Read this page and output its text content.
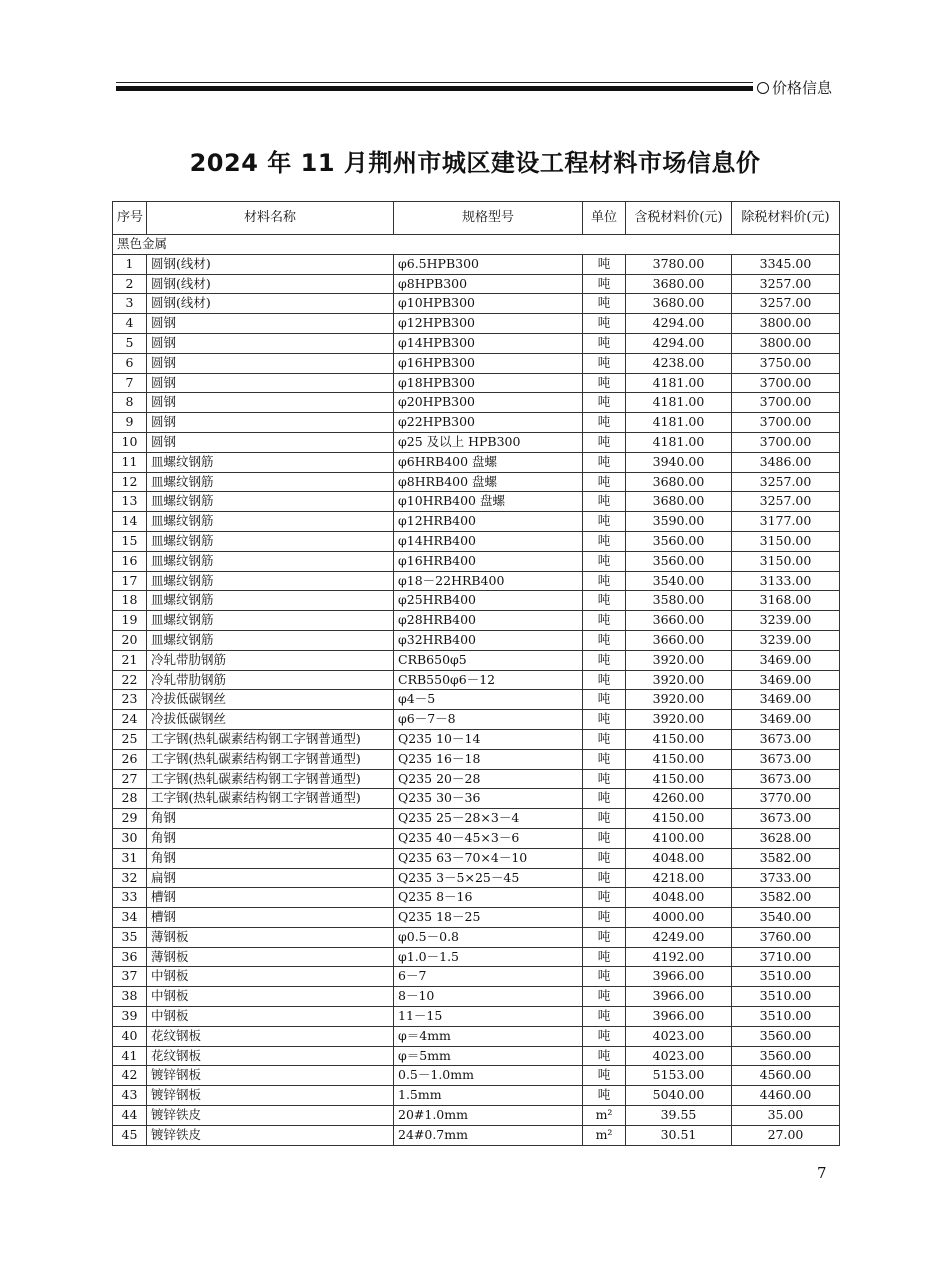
价格信息
2024 年 11 月荆州市城区建设工程材料市场信息价
序号	材料名称	规格型号	单位	含税材料价(元)	除税材料价(元)
黑色金属					
1	圆钢(线材)	φ6.5HPB300	吨	3780.00	3345.00
2	圆钢(线材)	φ8HPB300	吨	3680.00	3257.00
3	圆钢(线材)	φ10HPB300	吨	3680.00	3257.00
4	圆钢	φ12HPB300	吨	4294.00	3800.00
5	圆钢	φ14HPB300	吨	4294.00	3800.00
6	圆钢	φ16HPB300	吨	4238.00	3750.00
7	圆钢	φ18HPB300	吨	4181.00	3700.00
8	圆钢	φ20HPB300	吨	4181.00	3700.00
9	圆钢	φ22HPB300	吨	4181.00	3700.00
10	圆钢	φ25 及以上 HPB300	吨	4181.00	3700.00
11	皿螺纹钢筋	φ6HRB400 盘螺	吨	3940.00	3486.00
12	皿螺纹钢筋	φ8HRB400 盘螺	吨	3680.00	3257.00
13	皿螺纹钢筋	φ10HRB400 盘螺	吨	3680.00	3257.00
14	皿螺纹钢筋	φ12HRB400	吨	3590.00	3177.00
15	皿螺纹钢筋	φ14HRB400	吨	3560.00	3150.00
16	皿螺纹钢筋	φ16HRB400	吨	3560.00	3150.00
17	皿螺纹钢筋	φ18－22HRB400	吨	3540.00	3133.00
18	皿螺纹钢筋	φ25HRB400	吨	3580.00	3168.00
19	皿螺纹钢筋	φ28HRB400	吨	3660.00	3239.00
20	皿螺纹钢筋	φ32HRB400	吨	3660.00	3239.00
21	冷轧带肋钢筋	CRB650φ5	吨	3920.00	3469.00
22	冷轧带肋钢筋	CRB550φ6－12	吨	3920.00	3469.00
23	冷拔低碳钢丝	φ4－5	吨	3920.00	3469.00
24	冷拔低碳钢丝	φ6－7－8	吨	3920.00	3469.00
25	工字钢(热轧碳素结构钢工字钢普通型)	Q235 10－14	吨	4150.00	3673.00
26	工字钢(热轧碳素结构钢工字钢普通型)	Q235 16－18	吨	4150.00	3673.00
27	工字钢(热轧碳素结构钢工字钢普通型)	Q235 20－28	吨	4150.00	3673.00
28	工字钢(热轧碳素结构钢工字钢普通型)	Q235 30－36	吨	4260.00	3770.00
29	角钢	Q235 25－28×3－4	吨	4150.00	3673.00
30	角钢	Q235 40－45×3－6	吨	4100.00	3628.00
31	角钢	Q235 63－70×4－10	吨	4048.00	3582.00
32	扁钢	Q235 3－5×25－45	吨	4218.00	3733.00
33	槽钢	Q235 8－16	吨	4048.00	3582.00
34	槽钢	Q235 18－25	吨	4000.00	3540.00
35	薄钢板	φ0.5－0.8	吨	4249.00	3760.00
36	薄钢板	φ1.0－1.5	吨	4192.00	3710.00
37	中钢板	6－7	吨	3966.00	3510.00
38	中钢板	8－10	吨	3966.00	3510.00
39	中钢板	11－15	吨	3966.00	3510.00
40	花纹钢板	φ＝4mm	吨	4023.00	3560.00
41	花纹钢板	φ＝5mm	吨	4023.00	3560.00
42	镀锌钢板	0.5－1.0mm	吨	5153.00	4560.00
43	镀锌钢板	1.5mm	吨	5040.00	4460.00
44	镀锌铁皮	20#1.0mm	m²	39.55	35.00
45	镀锌铁皮	24#0.7mm	m²	30.51	27.00
7
